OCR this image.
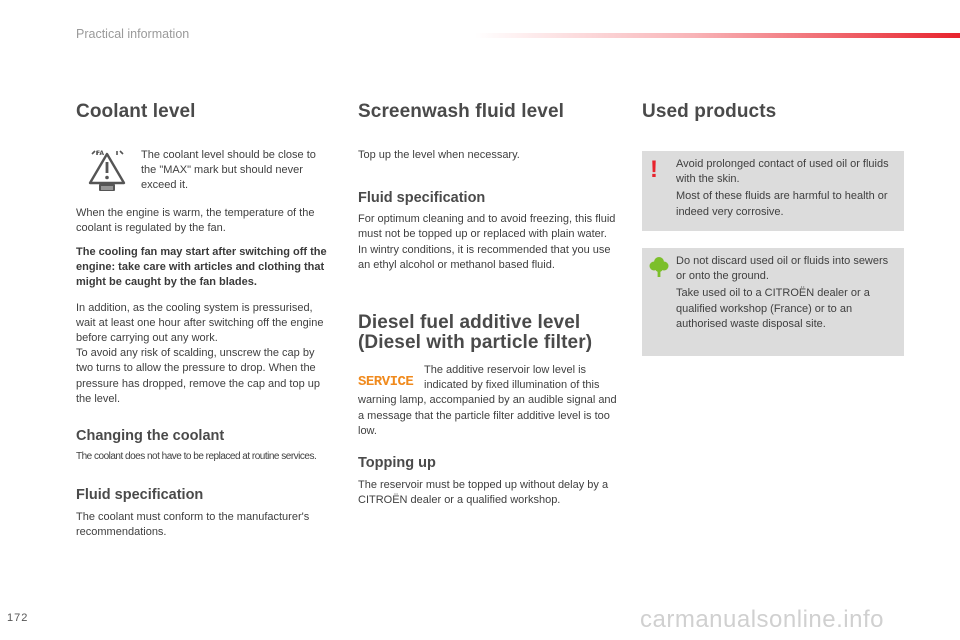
Practical information
Coolant level
FA	The coolant level should be close to the "MAX" mark but should never exceed it.

When the engine is warm, the temperature of the coolant is regulated by the fan.

The cooling fan may start after switching off the engine: take care with articles and clothing that might be caught by the fan blades.

In addition, as the cooling system is pressurised, wait at least one hour after switching off the engine before carrying out any work.

To avoid any risk of scalding, unscrew the cap by two turns to allow the pressure to drop. When the pressure has dropped, remove the cap and top up the level.

Changing the coolant

The coolant does not have to be replaced at routine services.

Fluid specification

The coolant must conform to the manufacturer's recommendations.

Screenwash fluid level

Top up the level when necessary.

Fluid specification

For optimum cleaning and to avoid freezing, this fluid must not be topped up or replaced with plain water.

In wintry conditions, it is recommended that you use an ethyl alcohol or methanol based fluid.

Diesel fuel additive level (Diesel with particle filter)
SERVICE

The additive reservoir low level is indicated by fixed illumination of this warning lamp, accompanied by an audible signal and a message that the particle filter additive level is too low.

Topping up

The reservoir must be topped up without delay by a CITROËN dealer or a qualified workshop.

Used products
! Avoid prolonged contact of used oil or fluids with the skin.

Most of these fluids are harmful to health or indeed very corrosive.

Do not discard used oil or fluids into sewers or onto the ground.

Take used oil to a CITROËN dealer or a qualified workshop (France) or to an authorised waste disposal site.

172	carmanualsonline.info
